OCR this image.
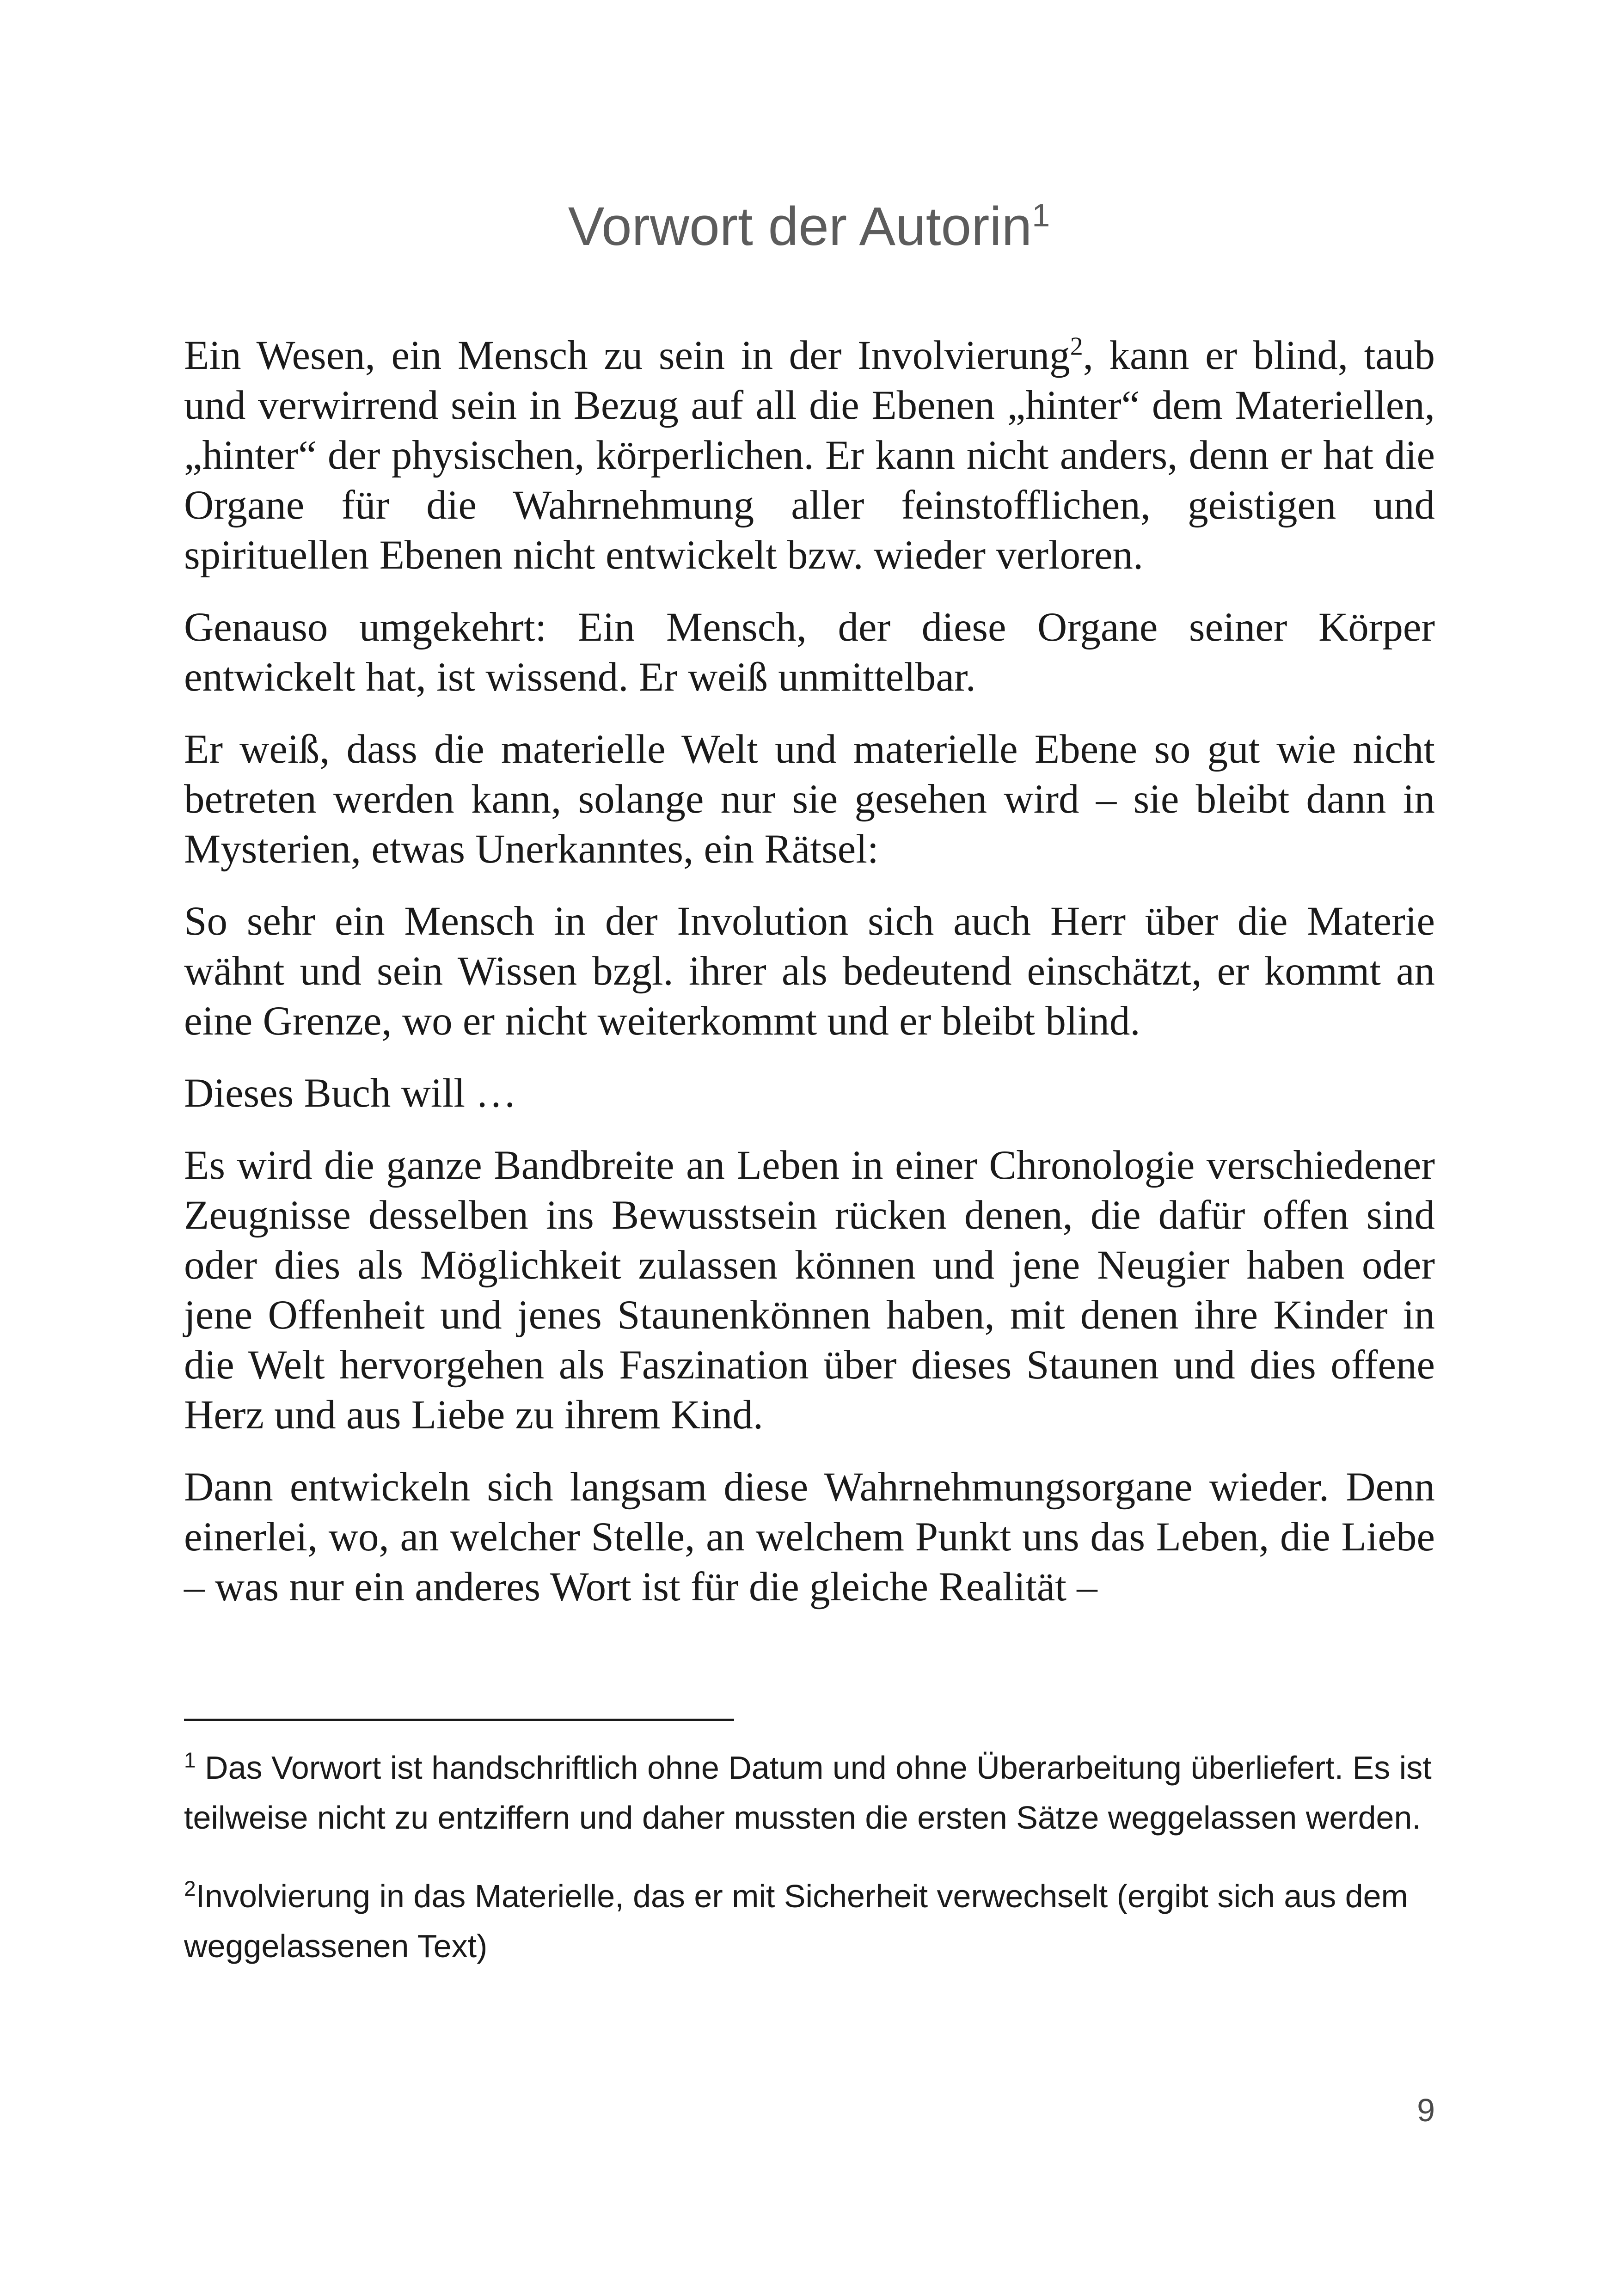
Vorwort der Autorin$^1$

Ein Wesen, ein Mensch zu sein in der Involvierung$^2$, kann er blind, taub und verwirrend sein in Bezug auf all die Ebenen „hinter“ dem Materiellen, „hinter“ der physischen, körperlichen. Er kann nicht anders, denn er hat die Organe für die Wahrnehmung aller feinstofflichen, geistigen und spirituellen Ebenen nicht entwickelt bzw. wieder verloren.

Genauso umgekehrt: Ein Mensch, der diese Organe seiner Körper entwickelt hat, ist wissend. Er weiß unmittelbar.

Er weiß, dass die materielle Welt und materielle Ebene so gut wie nicht betreten werden kann, solange nur sie gesehen wird – sie bleibt dann in Mysterien, etwas Unerkanntes, ein Rätsel:

So sehr ein Mensch in der Involution sich auch Herr über die Materie wähnt und sein Wissen bzgl. ihrer als bedeutend einschätzt, er kommt an eine Grenze, wo er nicht weiterkommt und er bleibt blind.

Dieses Buch will …

Es wird die ganze Bandbreite an Leben in einer Chronologie verschiedener Zeugnisse desselben ins Bewusstsein rücken denen, die dafür offen sind oder dies als Möglichkeit zulassen können und jene Neugier haben oder jene Offenheit und jenes Staunenkönnen haben, mit denen ihre Kinder in die Welt hervorgehen als Faszination über dieses Staunen und dies offene Herz und aus Liebe zu ihrem Kind.

Dann entwickeln sich langsam diese Wahrnehmungsorgane wieder. Denn einerlei, wo, an welcher Stelle, an welchem Punkt uns das Leben, die Liebe – was nur ein anderes Wort ist für die gleiche Realität –

$^1$ Das Vorwort ist handschriftlich ohne Datum und ohne Überarbeitung überliefert. Es ist teilweise nicht zu entziffern und daher mussten die ersten Sätze weggelassen werden.

$^2$Involvierung in das Materielle, das er mit Sicherheit verwechselt (ergibt sich aus dem weggelassenen Text)

9
